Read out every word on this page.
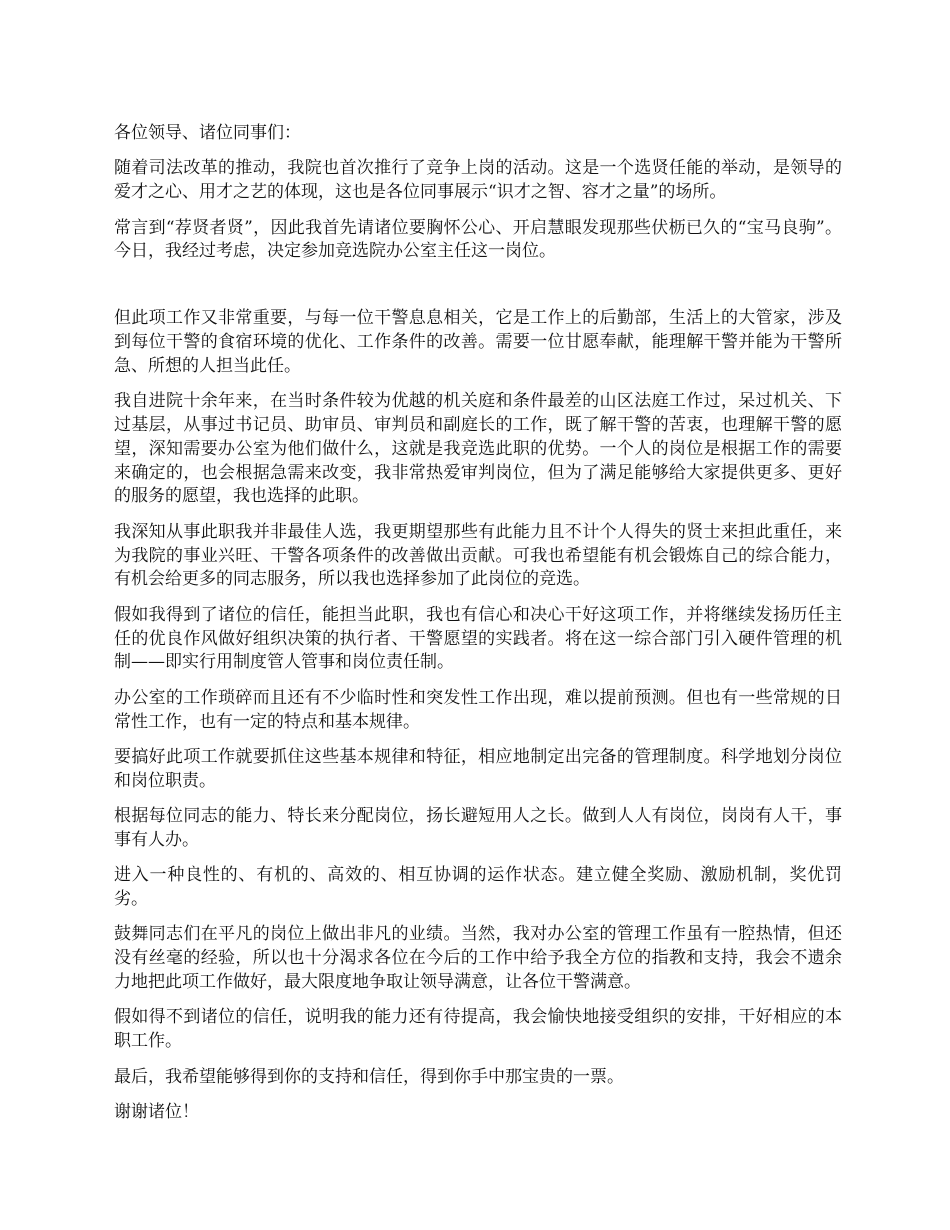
各位领导、诸位同事们：

随着司法改革的推动，我院也首次推行了竞争上岗的活动。这是一个选贤任能的举动，是领导的爱才之心、用才之艺的体现，这也是各位同事展示“识才之智、容才之量”的场所。

常言到“荐贤者贤”，因此我首先请诸位要胸怀公心、开启慧眼发现那些伏枥已久的“宝马良驹”。 今日，我经过考虑，决定参加竞选院办公室主任这一岗位。

但此项工作又非常重要，与每一位干警息息相关，它是工作上的后勤部，生活上的大管家，涉及到每位干警的食宿环境的优化、工作条件的改善。需要一位甘愿奉献，能理解干警并能为干警所急、所想的人担当此任。

我自进院十余年来，在当时条件较为优越的机关庭和条件最差的山区法庭工作过，呆过机关、下过基层，从事过书记员、助审员、审判员和副庭长的工作，既了解干警的苦衷，也理解干警的愿望，深知需要办公室为他们做什么，这就是我竞选此职的优势。一个人的岗位是根据工作的需要来确定的，也会根据急需来改变，我非常热爱审判岗位，但为了满足能够给大家提供更多、更好的服务的愿望，我也选择的此职。

我深知从事此职我并非最佳人选，我更期望那些有此能力且不计个人得失的贤士来担此重任，来为我院的事业兴旺、干警各项条件的改善做出贡献。可我也希望能有机会锻炼自己的综合能力，有机会给更多的同志服务，所以我也选择参加了此岗位的竞选。

假如我得到了诸位的信任，能担当此职，我也有信心和决心干好这项工作，并将继续发扬历任主任的优良作风做好组织决策的执行者、干警愿望的实践者。将在这一综合部门引入硬件管理的机制——即实行用制度管人管事和岗位责任制。

办公室的工作琐碎而且还有不少临时性和突发性工作出现，难以提前预测。但也有一些常规的日常性工作，也有一定的特点和基本规律。

要搞好此项工作就要抓住这些基本规律和特征，相应地制定出完备的管理制度。科学地划分岗位和岗位职责。

根据每位同志的能力、特长来分配岗位，扬长避短用人之长。做到人人有岗位，岗岗有人干，事事有人办。

进入一种良性的、有机的、高效的、相互协调的运作状态。建立健全奖励、激励机制，奖优罚劣。

鼓舞同志们在平凡的岗位上做出非凡的业绩。当然，我对办公室的管理工作虽有一腔热情，但还没有丝毫的经验，所以也十分渴求各位在今后的工作中给予我全方位的指教和支持，我会不遗余力地把此项工作做好，最大限度地争取让领导满意，让各位干警满意。

假如得不到诸位的信任，说明我的能力还有待提高，我会愉快地接受组织的安排，干好相应的本职工作。

最后，我希望能够得到你的支持和信任，得到你手中那宝贵的一票。

谢谢诸位！
